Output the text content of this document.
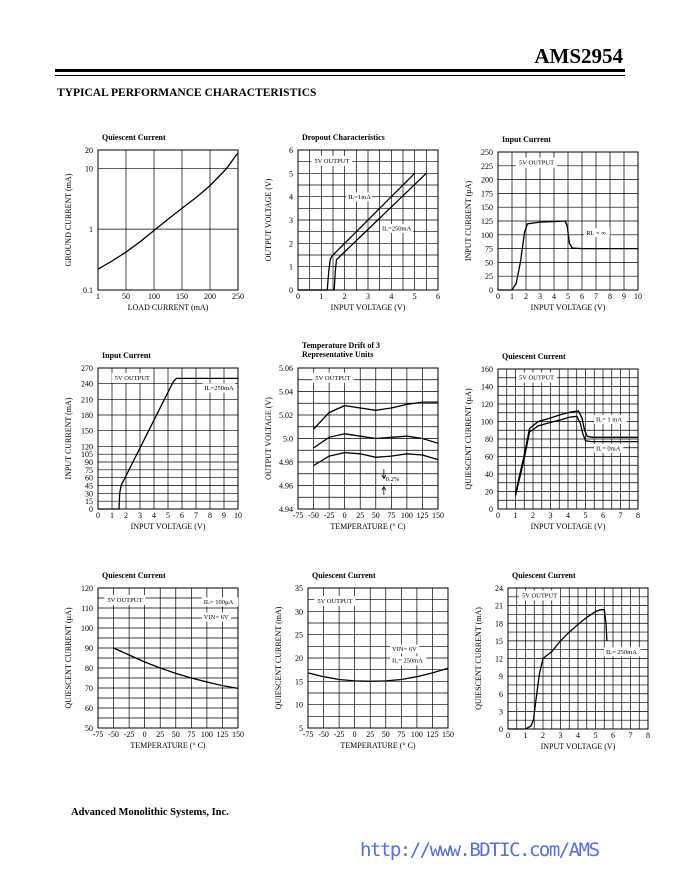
AMS2954
TYPICAL PERFORMANCE CHARACTERISTICS
1	50 100 150 200 250
0.1
1
10
20
Quiescent Current
LOAD CURRENT (mA)
GROUND CURRENT (mA)
0 1 2 3 4 5 6
0
1
2
3
4
5
6
Dropout Characteristics
INPUT VOLTAGE (V)
OUTPUT VOLTAGE (V)
5V OUTPUT
IL=1mA
IL=250mA
0 1 2 3 4 5 6 7 8 9 10
0
25
50
75
100
125
150
175
200
225
250
Input Current
INPUT VOLTAGE (V)
INPUT CURRENT (µA)
5V OUTPUT
RL = ∞
0 1 2 3 4 5 6 7 8 9 10
0
15
30
45
60
75
90
105
120
150
180
210
240
270
Input Current
INPUT VOLTAGE (V)
INPUT CURRENT (mA)
5V OUTPUT
IL=250mA
-75 -50 -25 0 25 50 75 100 125 150
4.94
4.96
4.98
5.0
5.02
5.04
5.06
Temperature Drift of 3
Representative Units
TEMPERATURE (° C)
OUTPUT VOLTAGE (V)
5V OUTPUT
0.2%
0 1 2 3 4 5 6 7 8
0
20
40
60
80
100
120
140
160
Quiescent Current
INPUT VOLTAGE (V)
QUIESCENT CURRENT (µA)
5V OUTPUT
IL= 1 mA
IL= 0mA
-75 -50 -25 0 25 50 75 100 125 150
50
60
70
80
90
100
110
120
Quiescent Current
TEMPERATURE (° C)
QUIESCENT CURRENT (µA)
5V OUTPUT	IL= 100µA
VIN= 6V
-75 -50 -25 0 25 50 75 100 125 150
5
10
15
20
25
30
35
Quiescent Current
TEMPERATURE (° C)
QUIESCENT CURRENT (mA)
5V OUTPUT
VIN= 6V
IL= 250mA
0 1 2 3 4 5 6 7 8
0
3
6
9
12
15
18
21
24
Quiescent Current
INPUT VOLTAGE (V)
QUIESCENT CURRENT (mA)
5V OUTPUT
IL= 250mA
Advanced Monolithic Systems, Inc.
http://www.BDTIC.com/AMS
